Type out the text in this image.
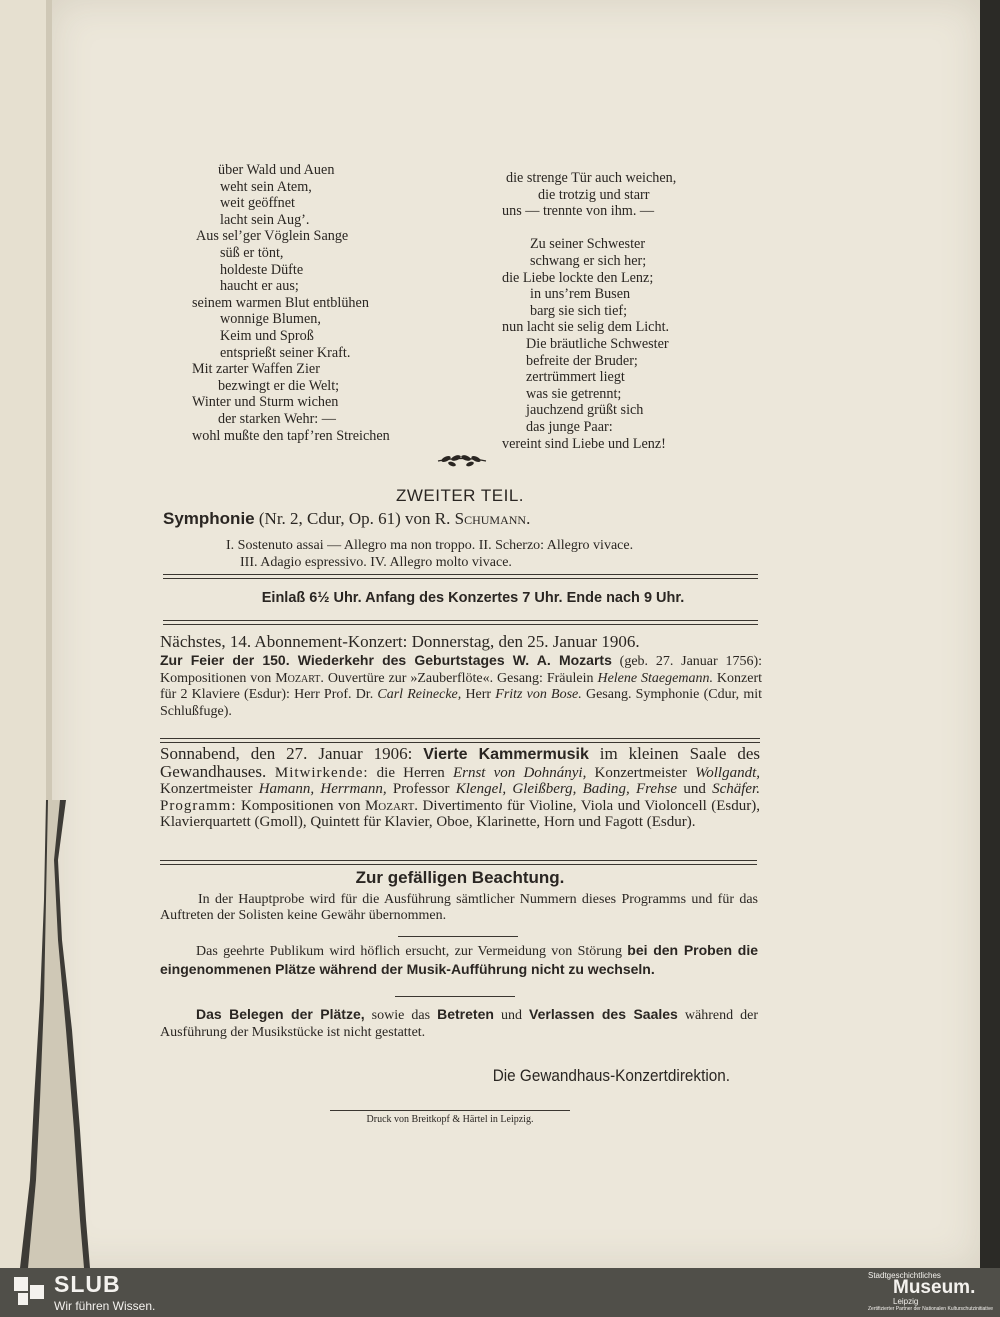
über Wald und Auen
weht sein Atem,
weit geöffnet
lacht sein Aug’.
Aus sel’ger Vöglein Sange
süß er tönt,
holdeste Düfte
haucht er aus;
seinem warmen Blut entblühen
wonnige Blumen,
Keim und Sproß
entsprießt seiner Kraft.
Mit zarter Waffen Zier
bezwingt er die Welt;
Winter und Sturm wichen
der starken Wehr: —
wohl mußte den tapf’ren Streichen
die strenge Tür auch weichen,
die trotzig und starr
uns — trennte von ihm. —
Zu seiner Schwester
schwang er sich her;
die Liebe lockte den Lenz;
in uns’rem Busen
barg sie sich tief;
nun lacht sie selig dem Licht.
Die bräutliche Schwester
befreite der Bruder;
zertrümmert liegt
was sie getrennt;
jauchzend grüßt sich
das junge Paar:
vereint sind Liebe und Lenz!
ZWEITER TEIL.
Symphonie (Nr. 2, Cdur, Op. 61) von R. Schumann.
I. Sostenuto assai — Allegro ma non troppo. II. Scherzo: Allegro vivace.
III. Adagio espressivo. IV. Allegro molto vivace.
Einlaß 6½ Uhr. Anfang des Konzertes 7 Uhr. Ende nach 9 Uhr.
Nächstes, 14. Abonnement-Konzert: Donnerstag, den 25. Januar 1906.
Zur Feier der 150. Wiederkehr des Geburtstages W. A. Mozarts (geb. 27. Januar 1756): Kompositionen von Mozart. Ouvertüre zur »Zauberflöte«. Gesang: Fräulein Helene Staegemann. Konzert für 2 Klaviere (Esdur): Herr Prof. Dr. Carl Reinecke, Herr Fritz von Bose. Gesang. Symphonie (Cdur, mit Schlußfuge).
Sonnabend, den 27. Januar 1906: Vierte Kammermusik im kleinen Saale des Gewandhauses. Mitwirkende: die Herren Ernst von Dohnányi, Konzertmeister Wollgandt, Konzertmeister Hamann, Herrmann, Professor Klengel, Gleißberg, Bading, Frehse und Schäfer. Programm: Kompositionen von Mozart. Divertimento für Violine, Viola und Violoncell (Esdur), Klavierquartett (Gmoll), Quintett für Klavier, Oboe, Klarinette, Horn und Fagott (Esdur).
Zur gefälligen Beachtung.
In der Hauptprobe wird für die Ausführung sämtlicher Nummern dieses Programms und für das Auftreten der Solisten keine Gewähr übernommen.
Das geehrte Publikum wird höflich ersucht, zur Vermeidung von Störung bei den Proben die eingenommenen Plätze während der Musik-Aufführung nicht zu wechseln.
Das Belegen der Plätze, sowie das Betreten und Verlassen des Saales während der Ausführung der Musikstücke ist nicht gestattet.
Die Gewandhaus-Konzertdirektion.
Druck von Breitkopf & Härtel in Leipzig.
SLUB
Wir führen Wissen.
Stadtgeschichtliches
Museum.
Leipzig
Zertifizierter Partner der Nationalen Kulturschutzinitiative
